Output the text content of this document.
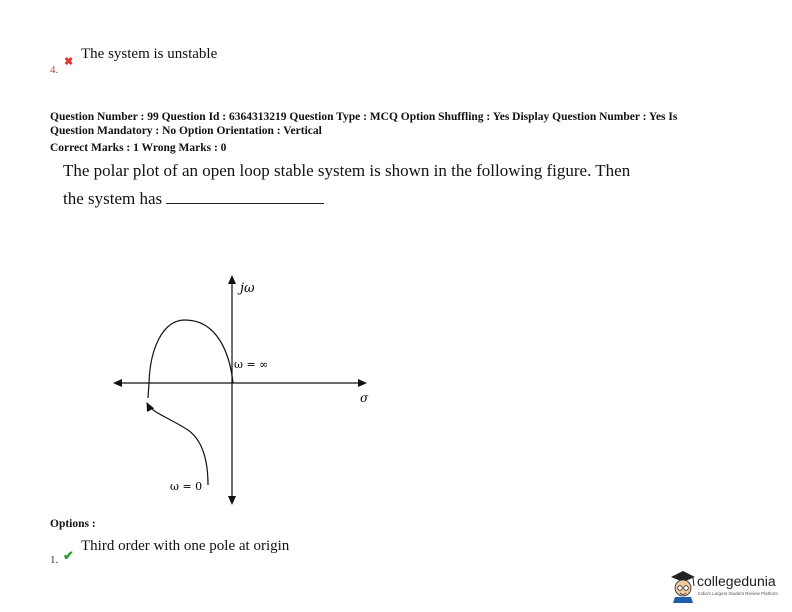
4.
✖ The system is unstable
Question Number : 99 Question Id : 6364313219 Question Type : MCQ Option Shuffling : Yes Display Question Number : Yes Is
Question Mandatory : No Option Orientation : Vertical
Correct Marks : 1 Wrong Marks : 0
The polar plot of an open loop stable system is shown in the following figure. Then
the system has
jω
σ
ω = ∞
ω = 0
Options :
1. ✔
Third order with one pole at origin
collegedunia
India's Largest Student Review Platform
